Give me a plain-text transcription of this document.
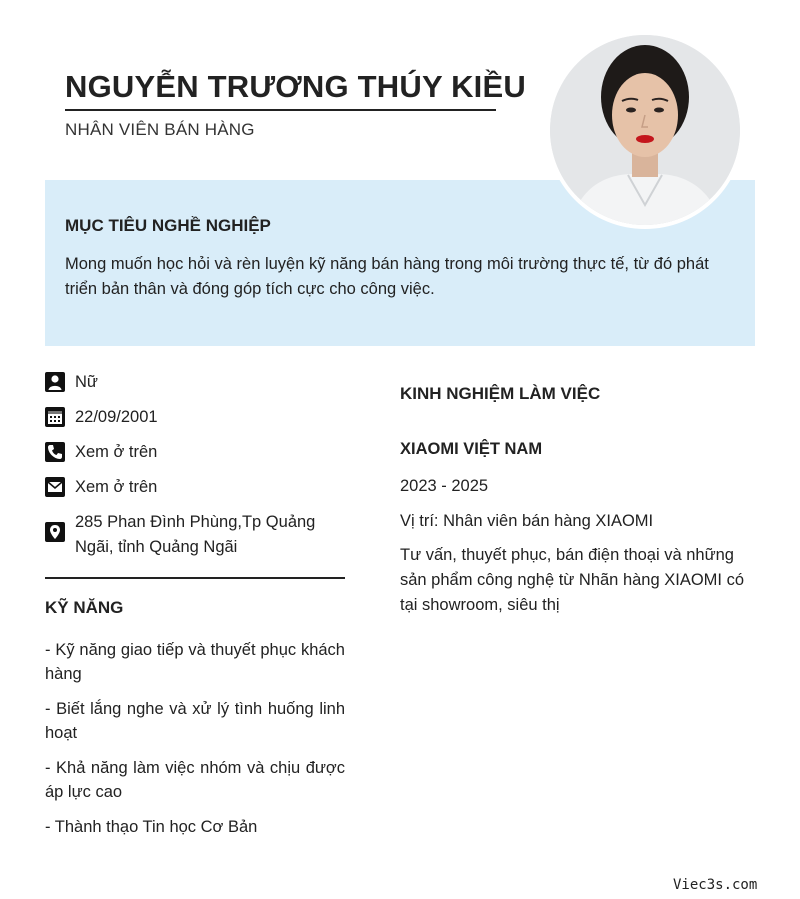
NGUYỄN TRƯƠNG THÚY KIỀU
NHÂN VIÊN BÁN HÀNG
MỤC TIÊU NGHỀ NGHIỆP

Mong muốn học hỏi và rèn luyện kỹ năng bán hàng trong môi trường thực tế, từ đó phát triển bản thân và đóng góp tích cực cho công việc.

Nữ
22/09/2001
Xem ở trên
Xem ở trên
285 Phan Đình Phùng,Tp Quảng Ngãi, tỉnh Quảng Ngãi
KỸ NĂNG
- Kỹ năng giao tiếp và thuyết phục khách hàng
- Biết lắng nghe và xử lý tình huống linh hoạt
- Khả năng làm việc nhóm và chịu được áp lực cao
- Thành thạo Tin học Cơ Bản
KINH NGHIỆM LÀM VIỆC
XIAOMI VIỆT NAM
2023 - 2025
Vị trí: Nhân viên bán hàng XIAOMI
Tư vấn, thuyết phục, bán điện thoại và những sản phẩm công nghệ từ Nhãn hàng XIAOMI có tại showroom, siêu thị
Viec3s.com
